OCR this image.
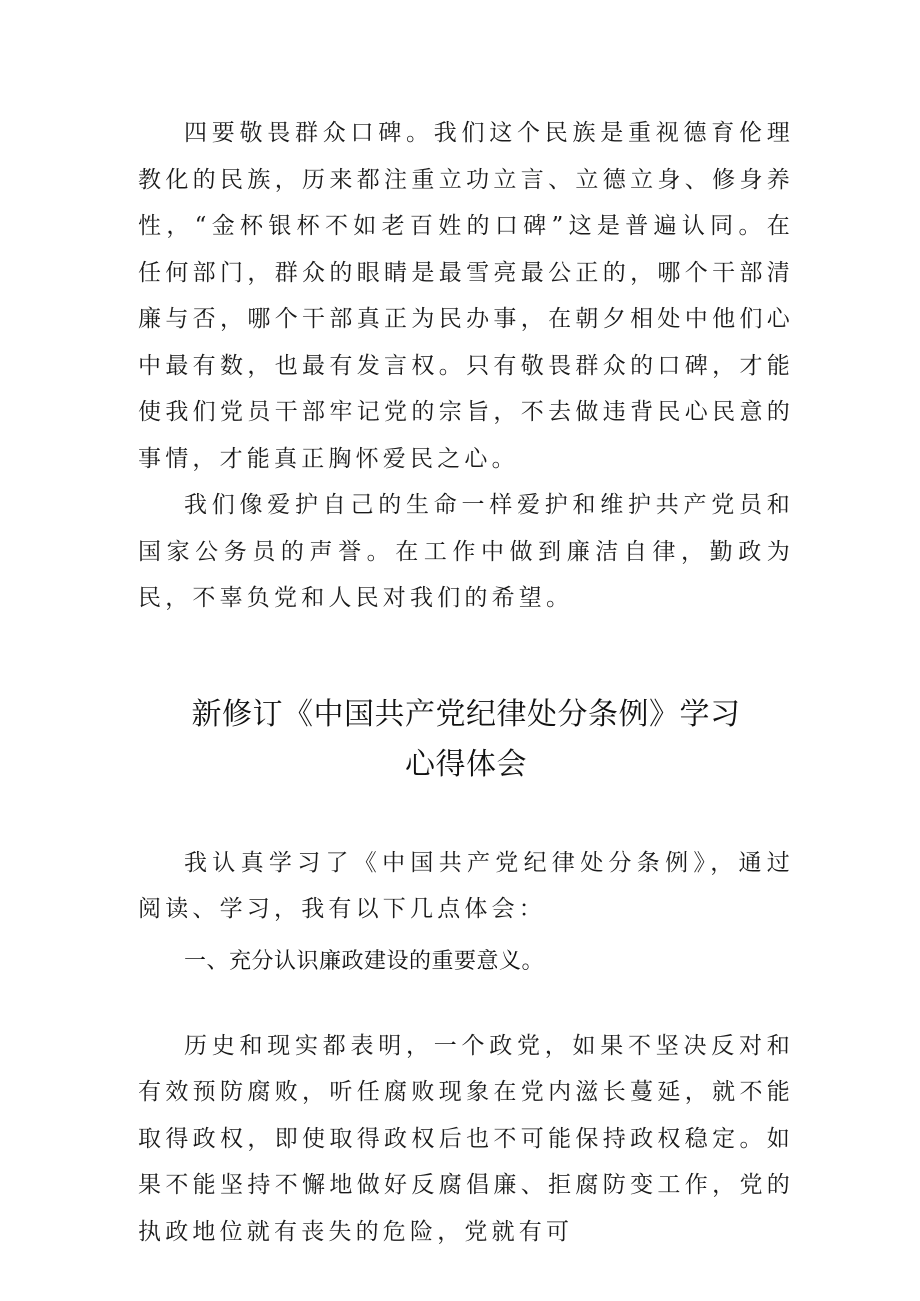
四要敬畏群众口碑。我们这个民族是重视德育伦理教化的民族，历来都注重立功立言、立德立身、修身养性，“金杯银杯不如老百姓的口碑”这是普遍认同。在任何部门，群众的眼睛是最雪亮最公正的，哪个干部清廉与否，哪个干部真正为民办事，在朝夕相处中他们心中最有数，也最有发言权。只有敬畏群众的口碑，才能使我们党员干部牢记党的宗旨，不去做违背民心民意的事情，才能真正胸怀爱民之心。

我们像爱护自己的生命一样爱护和维护共产党员和国家公务员的声誉。在工作中做到廉洁自律，勤政为民，不辜负党和人民对我们的希望。

新修订《中国共产党纪律处分条例》学习
心得体会

我认真学习了《中国共产党纪律处分条例》，通过阅读、学习，我有以下几点体会：

一、充分认识廉政建设的重要意义。

历史和现实都表明，一个政党，如果不坚决反对和有效预防腐败，听任腐败现象在党内滋长蔓延，就不能取得政权，即使取得政权后也不可能保持政权稳定。如果不能坚持不懈地做好反腐倡廉、拒腐防变工作，党的执政地位就有丧失的危险，党就有可
